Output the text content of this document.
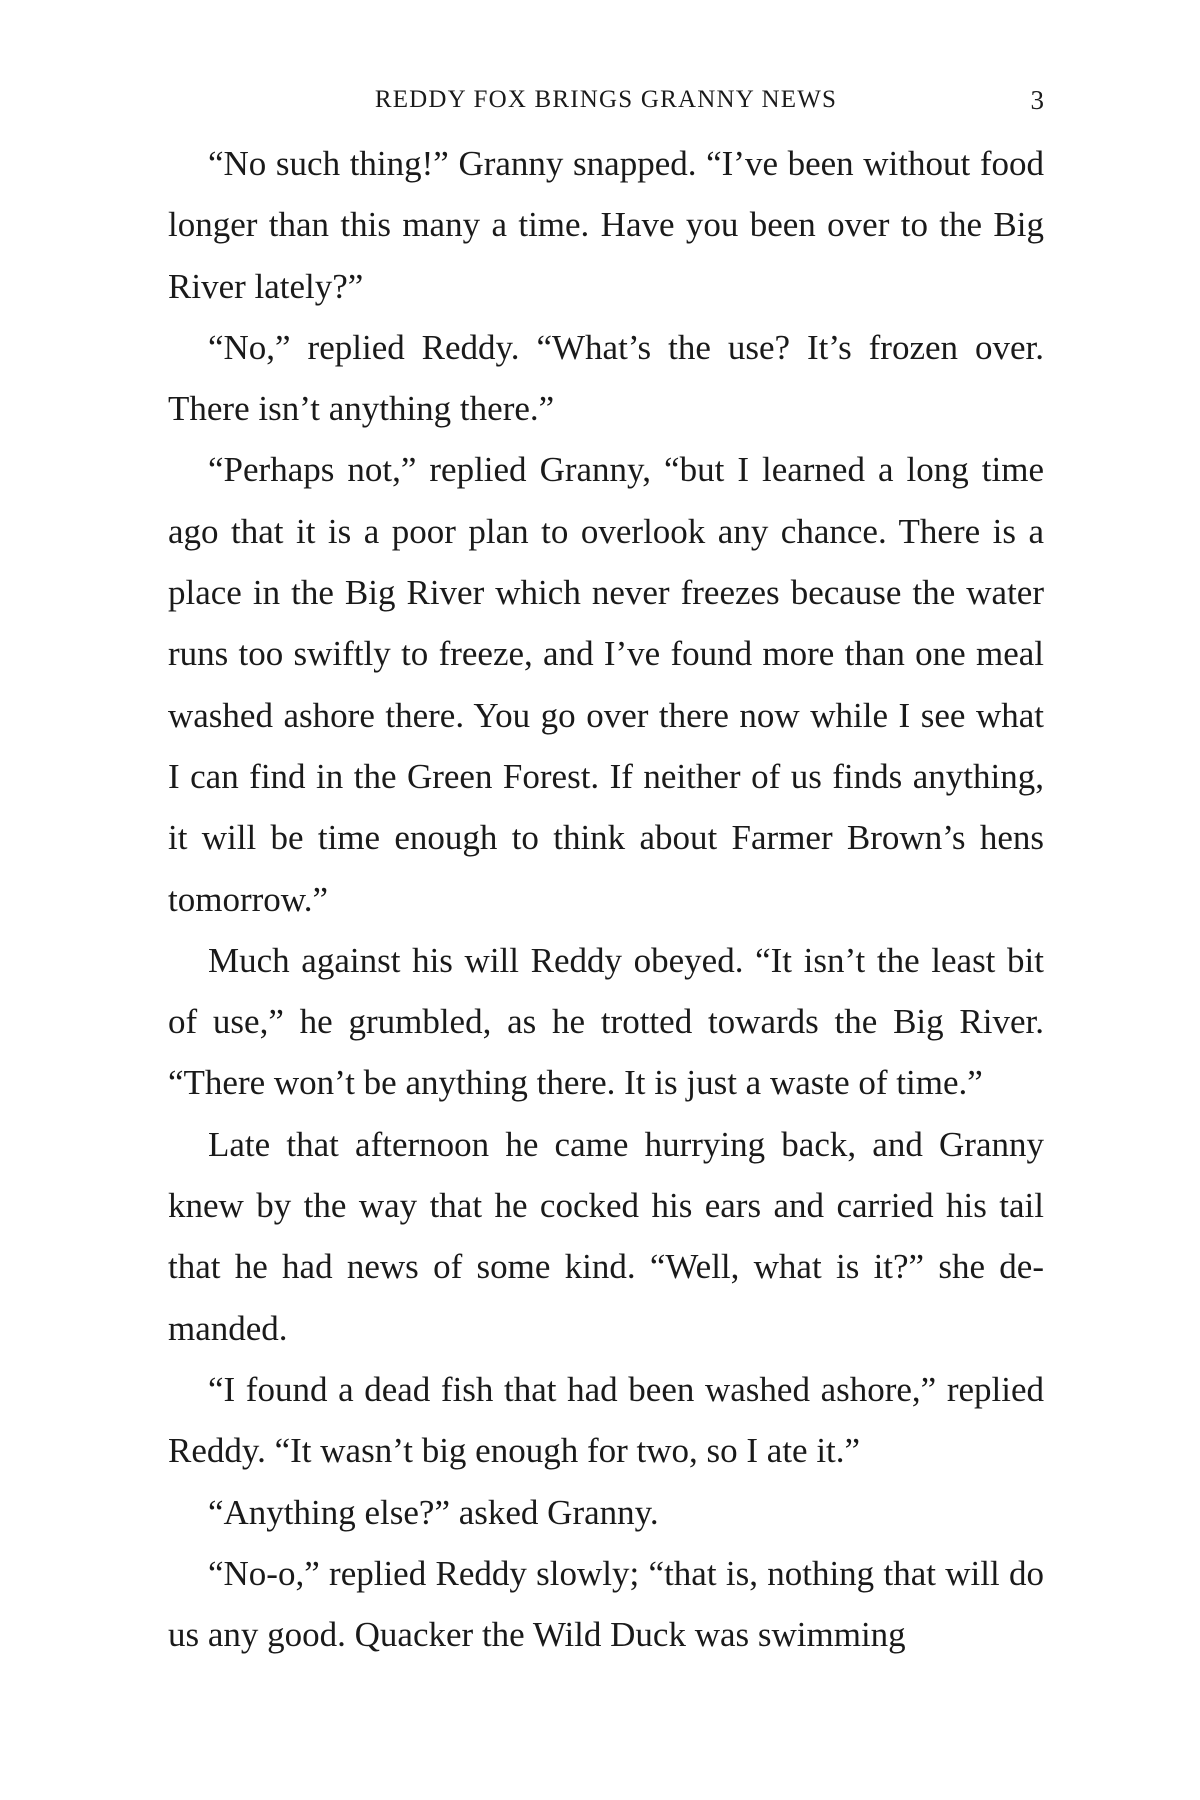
REDDY FOX BRINGS GRANNY NEWS	3

“No such thing!” Granny snapped. “I’ve been without food longer than this many a time. Have you been over to the Big River lately?”

“No,” replied Reddy. “What’s the use? It’s frozen over. There isn’t anything there.”

“Perhaps not,” replied Granny, “but I learned a long time ago that it is a poor plan to overlook any chance. There is a place in the Big River which never freezes because the water runs too swiftly to freeze, and I’ve found more than one meal washed ashore there. You go over there now while I see what I can find in the Green Forest. If neither of us finds anything, it will be time enough to think about Farmer Brown’s hens tomorrow.”

Much against his will Reddy obeyed. “It isn’t the least bit of use,” he grumbled, as he trotted towards the Big River. “There won’t be anything there. It is just a waste of time.”

Late that afternoon he came hurrying back, and Granny knew by the way that he cocked his ears and carried his tail that he had news of some kind. “Well, what is it?” she demanded.

“I found a dead fish that had been washed ashore,” replied Reddy. “It wasn’t big enough for two, so I ate it.”

“Anything else?” asked Granny.

“No-o,” replied Reddy slowly; “that is, nothing that will do us any good. Quacker the Wild Duck was swimming
